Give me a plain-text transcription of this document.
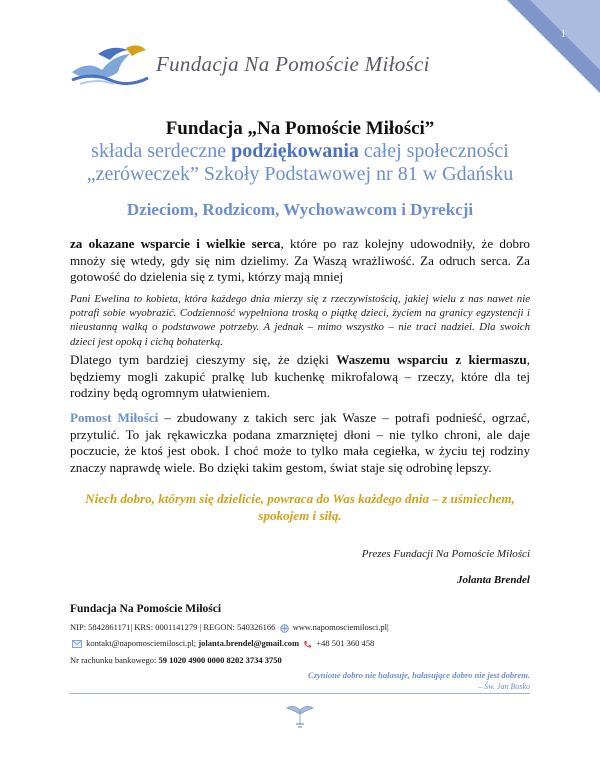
1
Fundacja Na Pomoście Miłości
Fundacja „Na Pomoście Miłości”
składa serdeczne podziękowania całej społeczności
„zeróweczek” Szkoły Podstawowej nr 81 w Gdańsku
Dzieciom, Rodzicom, Wychowawcom i Dyrekcji
za okazane wsparcie i wielkie serca, które po raz kolejny udowodniły, że dobro mnoży się wtedy, gdy się nim dzielimy. Za Waszą wrażliwość. Za odruch serca. Za gotowość do dzielenia się z tymi, którzy mają mniej
Pani Ewelina to kobieta, która każdego dnia mierzy się z rzeczywistością, jakiej wielu z nas nawet nie potrafi sobie wyobrazić. Codzienność wypełniona troską o piątkę dzieci, życiem na granicy egzystencji i nieustanną walką o podstawowe potrzeby. A jednak – mimo wszystko – nie traci nadziei. Dla swoich dzieci jest opoką i cichą bohaterką.
Dlatego tym bardziej cieszymy się, że dzięki Waszemu wsparciu z kiermaszu, będziemy mogli zakupić pralkę lub kuchenkę mikrofalową – rzeczy, które dla tej rodziny będą ogromnym ułatwieniem.
Pomost Miłości – zbudowany z takich serc jak Wasze – potrafi podnieść, ogrzać, przytulić. To jak rękawiczka podana zmarzniętej dłoni – nie tylko chroni, ale daje poczucie, że ktoś jest obok. I choć może to tylko mała cegiełka, w życiu tej rodziny znaczy naprawdę wiele. Bo dzięki takim gestom, świat staje się odrobinę lepszy.
Niech dobro, którym się dzielicie, powraca do Was każdego dnia – z uśmiechem, spokojem i siłą.
Prezes Fundacji Na Pomoście Miłości
Jolanta Brendel
Fundacja Na Pomoście Miłości
NIP: 5842861171| KRS: 0001141279 | REGON: 540326166 www.napomosciemilosci.pl|
kontakt@napomosciemilosci.pl; jolanta.brendel@gmail.com +48 501 360 458
Nr rachunku bankowego: 59 1020 4900 0000 8202 3734 3750
Czynione dobro nie hałasuje, hałasujące dobro nie jest dobrem.
– Św. Jan Bosko
